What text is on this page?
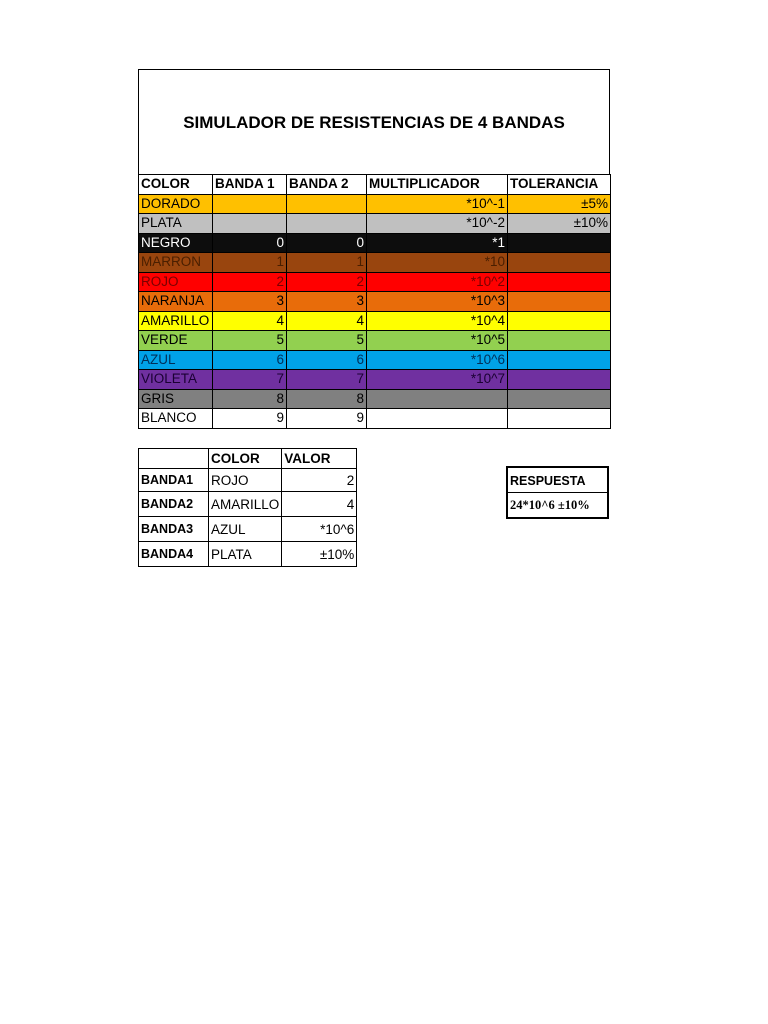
SIMULADOR DE RESISTENCIAS DE 4 BANDAS
COLOR	BANDA 1	BANDA 2	MULTIPLICADOR	TOLERANCIA
DORADO			*10^-1	±5%
PLATA			*10^-2	±10%
NEGRO	0	0	*1	
MARRON	1	1	*10	
ROJO	2	2	*10^2	
NARANJA	3	3	*10^3	
AMARILLO	4	4	*10^4	
VERDE	5	5	*10^5	
AZUL	6	6	*10^6	
VIOLETA	7	7	*10^7	
GRIS	8	8		
BLANCO	9	9		
	COLOR	VALOR
BANDA1	ROJO	2
BANDA2	AMARILLO	4
BANDA3	AZUL	*10^6
BANDA4	PLATA	±10%
RESPUESTA
24*10^6 ±10%
